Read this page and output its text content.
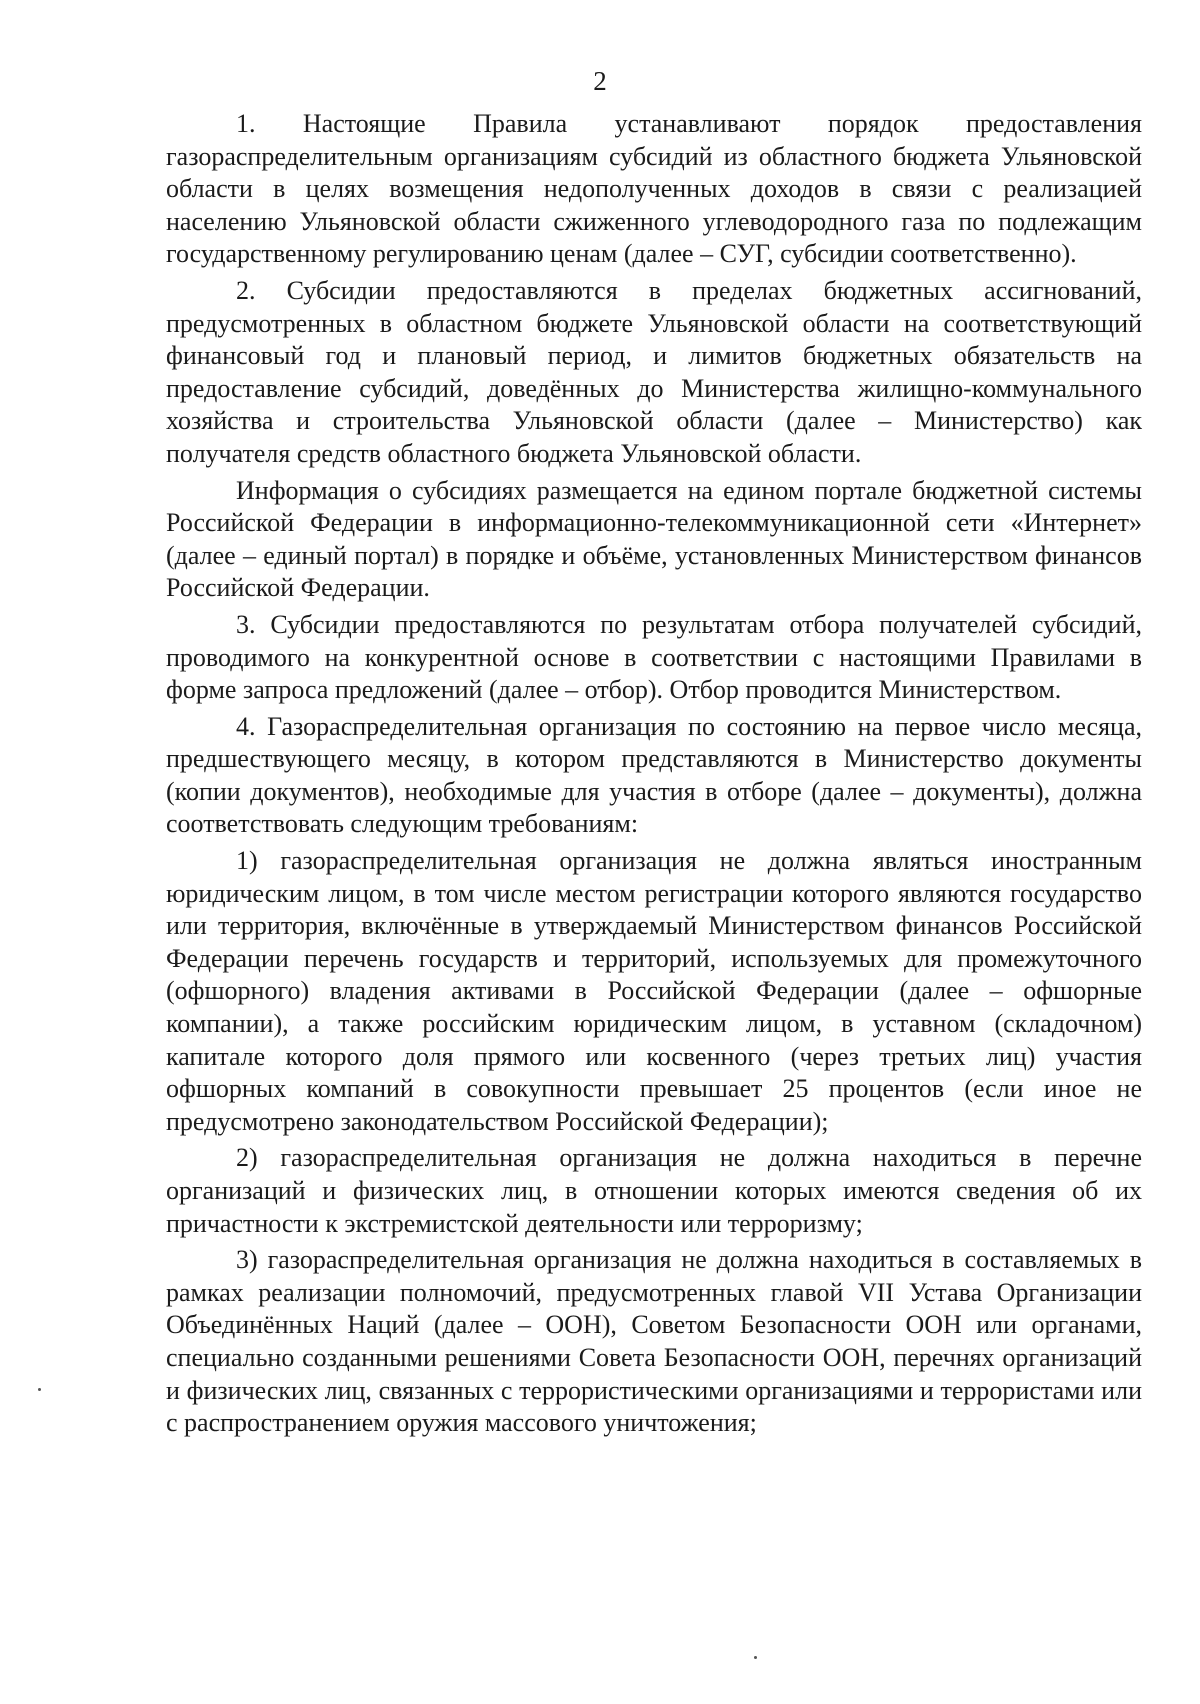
2

1. Настоящие Правила устанавливают порядок предоставления газораспределительным организациям субсидий из областного бюджета Ульяновской области в целях возмещения недополученных доходов в связи с реализацией населению Ульяновской области сжиженного углеводородного газа по подлежащим государственному регулированию ценам (далее – СУГ, субсидии соответственно).

2. Субсидии предоставляются в пределах бюджетных ассигнований, предусмотренных в областном бюджете Ульяновской области на соответствующий финансовый год и плановый период, и лимитов бюджетных обязательств на предоставление субсидий, доведённых до Министерства жилищно-коммунального хозяйства и строительства Ульяновской области (далее – Министерство) как получателя средств областного бюджета Ульяновской области.

Информация о субсидиях размещается на едином портале бюджетной системы Российской Федерации в информационно-телекоммуникационной сети «Интернет» (далее – единый портал) в порядке и объёме, установленных Министерством финансов Российской Федерации.

3. Субсидии предоставляются по результатам отбора получателей субсидий, проводимого на конкурентной основе в соответствии с настоящими Правилами в форме запроса предложений (далее – отбор). Отбор проводится Министерством.

4. Газораспределительная организация по состоянию на первое число месяца, предшествующего месяцу, в котором представляются в Министерство документы (копии документов), необходимые для участия в отборе (далее – документы), должна соответствовать следующим требованиям:

1) газораспределительная организация не должна являться иностранным юридическим лицом, в том числе местом регистрации которого являются государство или территория, включённые в утверждаемый Министерством финансов Российской Федерации перечень государств и территорий, используемых для промежуточного (офшорного) владения активами в Российской Федерации (далее – офшорные компании), а также российским юридическим лицом, в уставном (складочном) капитале которого доля прямого или косвенного (через третьих лиц) участия офшорных компаний в совокупности превышает 25 процентов (если иное не предусмотрено законодательством Российской Федерации);

2) газораспределительная организация не должна находиться в перечне организаций и физических лиц, в отношении которых имеются сведения об их причастности к экстремистской деятельности или терроризму;

3) газораспределительная организация не должна находиться в составляемых в рамках реализации полномочий, предусмотренных главой VII Устава Организации Объединённых Наций (далее – ООН), Советом Безопасности ООН или органами, специально созданными решениями Совета Безопасности ООН, перечнях организаций и физических лиц, связанных с террористическими организациями и террористами или с распространением оружия массового уничтожения;
